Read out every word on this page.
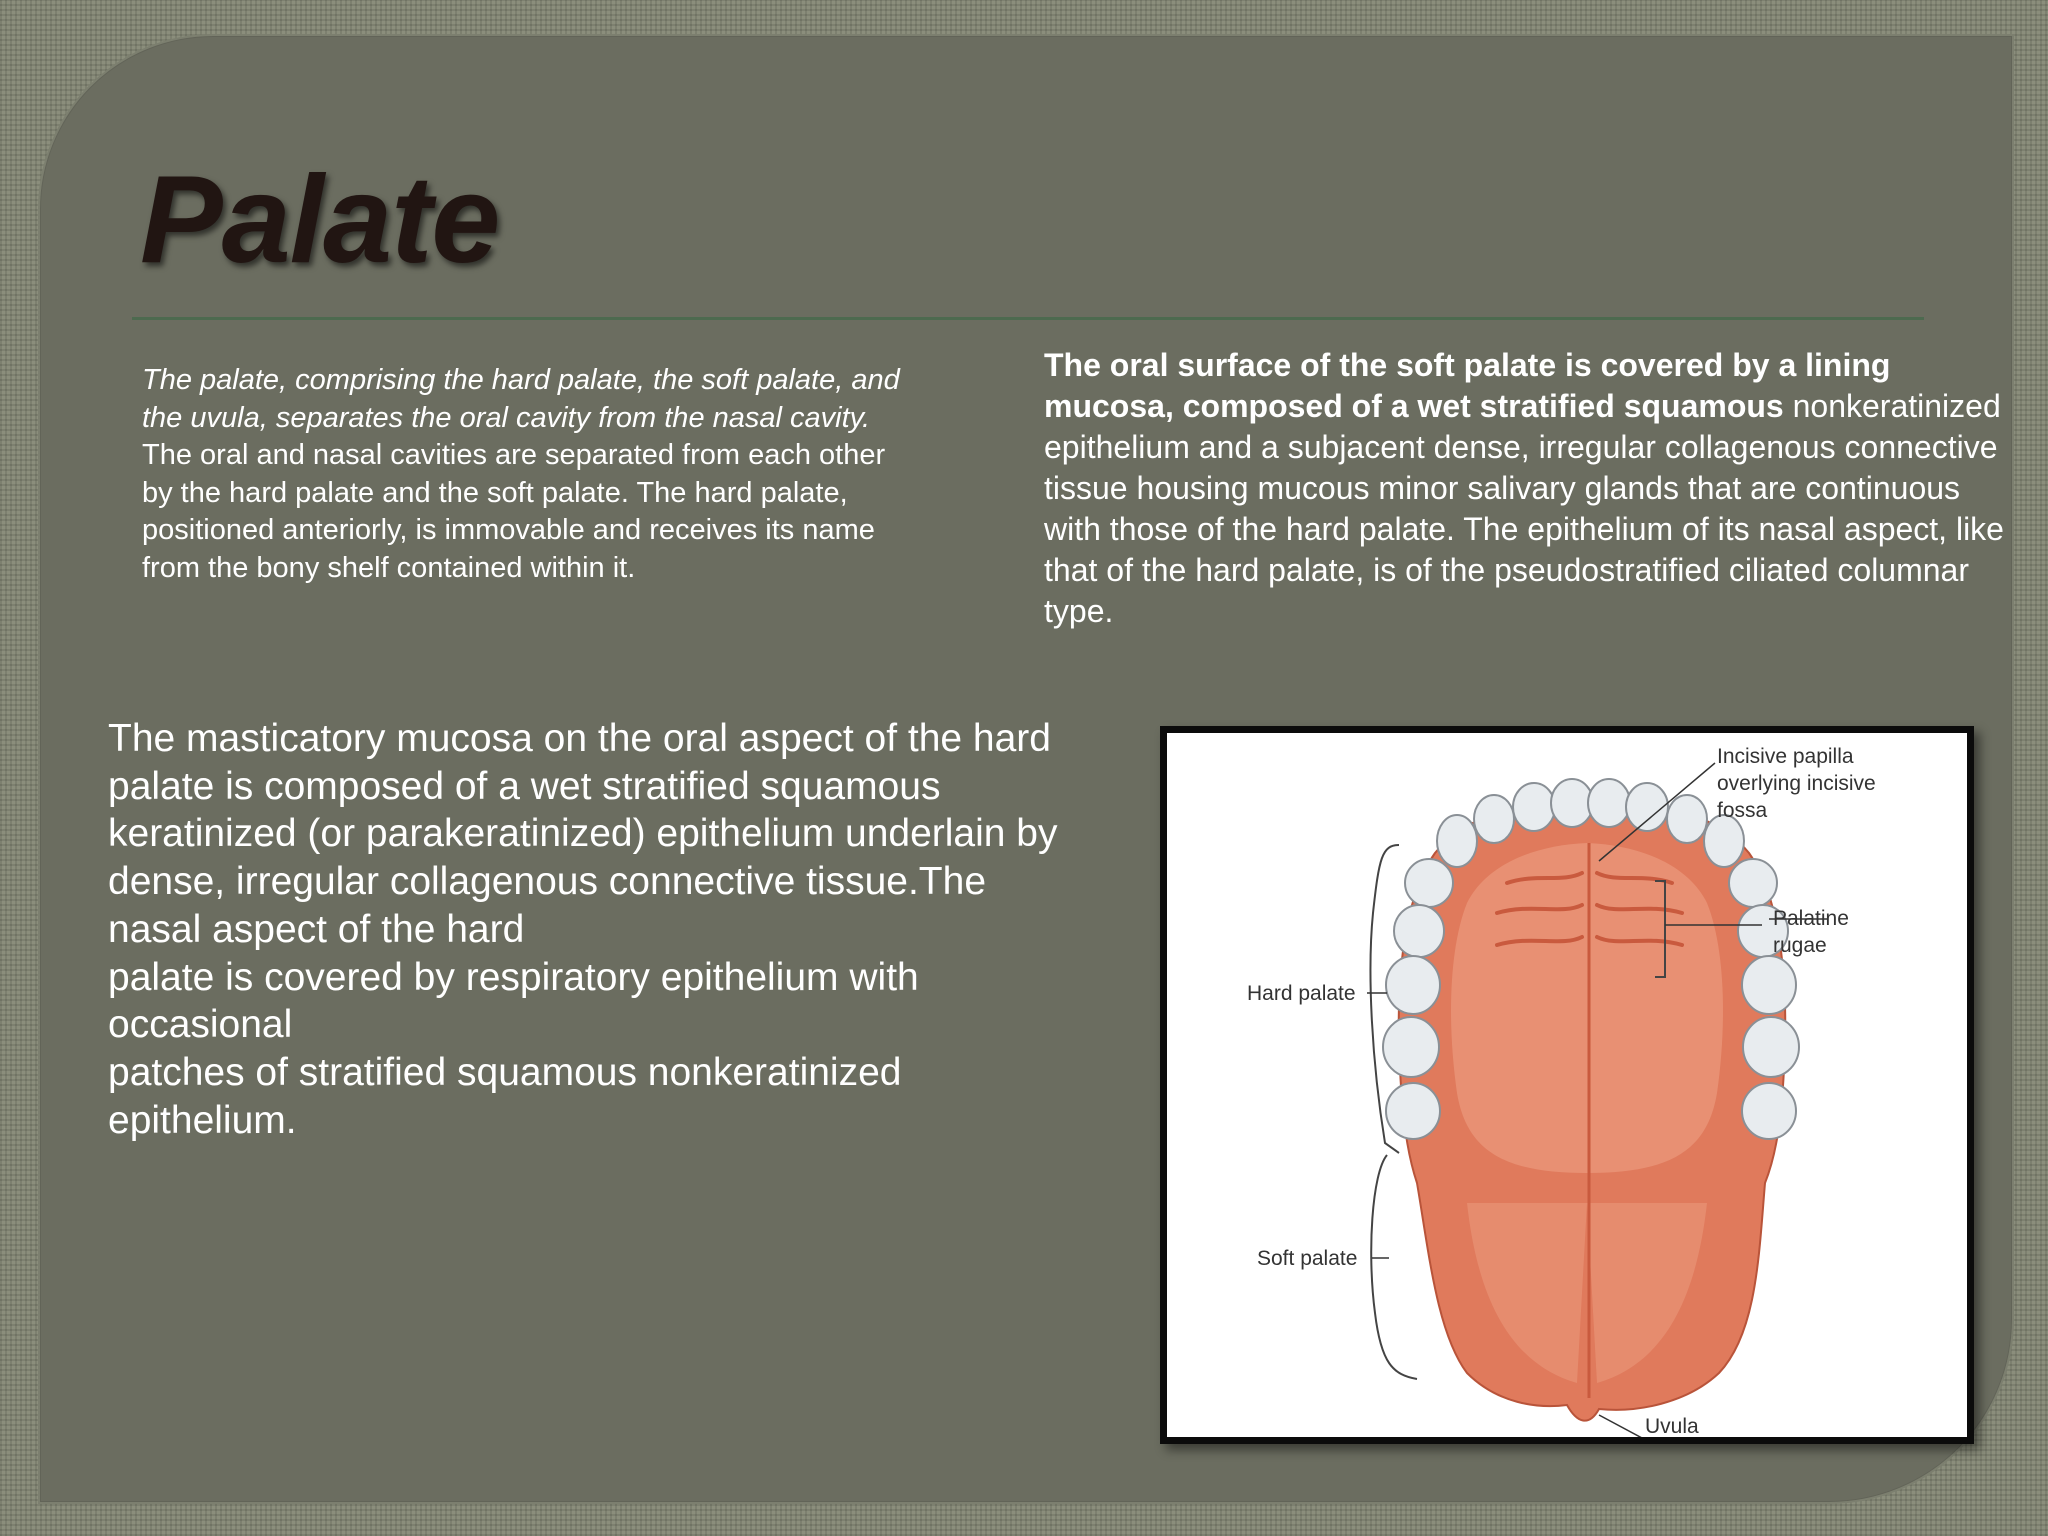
Palate
The palate, comprising the hard palate, the soft palate, and the uvula, separates the oral cavity from the nasal cavity.
The oral and nasal cavities are separated from each other by the hard palate and the soft palate. The hard palate, positioned anteriorly, is immovable and receives its name from the bony shelf contained within it.
The oral surface of the soft palate is covered by a lining mucosa, composed of a wet stratified squamous nonkeratinized epithelium and a subjacent dense, irregular collagenous connective tissue housing mucous minor salivary glands that are continuous with those of the hard palate. The epithelium of its nasal aspect, like that of the hard palate, is of the pseudostratified ciliated columnar type.
The masticatory mucosa on the oral aspect of the hard palate is composed of a wet stratified squamous keratinized (or parakeratinized) epithelium underlain by dense, irregular collagenous connective tissue.The nasal aspect of the hard
palate is covered by respiratory epithelium with occasional
patches of stratified squamous nonkeratinized epithelium.
Incisive papilla
overlying incisive
fossa
Palatine
rugae
Hard palate
Soft palate
Uvula
